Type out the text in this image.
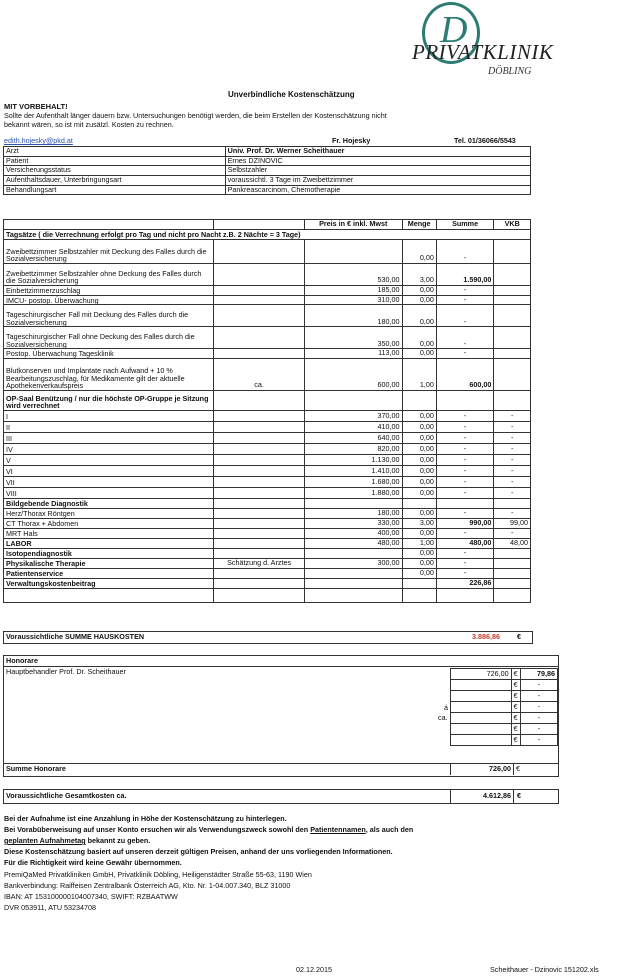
D
PRIVATKLINIK
DÖBLING
Unverbindliche Kostenschätzung
MIT VORBEHALT!
Sollte der Aufenthalt länger dauern bzw. Untersuchungen benötigt werden, die beim Erstellen der Kostenschätzung nicht
bekannt wären, so ist mit zusätzl. Kosten zu rechnen.
edith.hojesky@pkd.at	Fr. Hojesky	Tel. 01/36066/5543
Arzt	Univ. Prof. Dr. Werner Scheithauer
Patient	Ernes DZINOVIC
Versicherungsstatus	Selbstzahler
Aufenthaltsdauer, Unterbringungsart	voraussichtl. 3 Tage im Zweibettzimmer
Behandlungsart	Pankreascarcinom, Chemotherapie
		Preis in € inkl. Mwst	Menge	Summe	VKB
Tagsätze ( die Verrechnung erfolgt pro Tag und nicht pro Nacht z.B. 2 Nächte = 3 Tage)					
Zweibettzimmer Selbstzahler mit Deckung des Falles durch die Sozialversicherung			0,00	-	
Zweibettzimmer Selbstzahler ohne Deckung des Falles durch die Sozialversicherung		530,00	3,00	1.590,00	
Einbettzimmerzuschlag		185,00	0,00	-	
IMCU- postop. Überwachung		310,00	0,00	-	
Tageschirurgischer Fall mit Deckung des Falles durch die Sozialversicherung		180,00	0,00	-	
Tageschirurgischer Fall ohne Deckung des Falles durch die Sozialversicherung		350,00	0,00	-	
Postop. Überwachung Tagesklinik		113,00	0,00	-	
Blutkonserven und Implantate nach Aufwand + 10 % Bearbeitungszuschlag, für Medikamente gilt der aktuelle Apothekenverkaufspreis	ca.	600,00	1,00	600,00	
OP-Saal Benützung / nur die höchste OP-Gruppe je Sitzung wird verrechnet					
I		370,00	0,00	-	-
II		410,00	0,00	-	-
III		640,00	0,00	-	-
IV		820,00	0,00	-	-
V		1.130,00	0,00	-	-
VI		1.410,00	0,00	-	-
VII		1.680,00	0,00	-	-
VIII		1.880,00	0,00	-	-
Bildgebende Diagnostik					
Herz/Thorax Röntgen		180,00	0,00	-	-
CT Thorax + Abdomen		330,00	3,00	990,00	99,00
MRT Hals		400,00	0,00	-	-
LABOR		480,00	1,00	480,00	48,00
Isotopendiagnostik			0,00	-	
Physikalische Therapie	Schätzung d. Arztes	300,00	0,00	-	
Patientenservice			0,00	-	
Verwaltungskostenbeitrag				226,86	

Voraussichtliche SUMME HAUSKOSTEN	3.886,86 €
Honorare
Hauptbehandler Prof. Dr. Scheithauer
á
ca.
726,00	€	79,86
	€	-
	€	-
	€	-
	€	-
	€	-
	€	-
Summe Honorare	726,00 €
Voraussichtliche Gesamtkosten ca.	4.612,86 €
Bei der Aufnahme ist eine Anzahlung in Höhe der Kostenschätzung zu hinterlegen.
Bei Vorabüberweisung auf unser Konto ersuchen wir als Verwendungszweck sowohl den Patientennamen, als auch den
geplanten Aufnahmetag bekannt zu geben.
Diese Kostenschätzung basiert auf unseren derzeit gültigen Preisen, anhand der uns vorliegenden Informationen.
Für die Richtigkeit wird keine Gewähr übernommen.
PremiQaMed Privatkliniken GmbH, Privatklinik Döbling, Heiligenstädter Straße 55-63, 1190 Wien
Bankverbindung: Raiffeisen Zentralbank Österreich AG, Kto. Nr. 1-04.007.340, BLZ 31000
IBAN: AT 153100000104007340, SWIFT: RZBAATWW
DVR 053911, ATU 53234708
02.12.2015	Scheithauer - Dzinovic 151202.xls
